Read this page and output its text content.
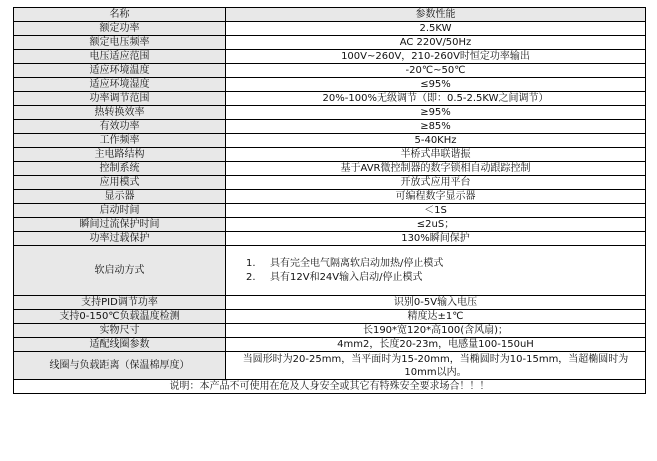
名称	参数性能
额定功率	2.5KW
额定电压频率	AC 220V/50Hz
电压适应范围	100V~260V，210-260V时恒定功率输出
适应环境温度	-20℃~50℃
适应环境湿度	≤95%
功率调节范围	20%-100%无级调节（即：0.5-2.5KW之间调节）
热转换效率	≥95%
有效功率	≥85%
工作频率	5-40KHz
主电路结构	半桥式串联谐振
控制系统	基于AVR微控制器的数字锁相自动跟踪控制
应用模式	开放式应用平台
显示器	可编程数字显示器
启动时间	＜1S
瞬间过流保护时间	≤2uS；
功率过载保护	130%瞬间保护
软启动方式	1. 具有完全电气隔离软启动加热/停止模式
2. 具有12V和24V输入启动/停止模式

支持PID调节功率	识别0-5V输入电压
支持0-150℃负载温度检测	精度达±1℃
实物尺寸	长190*宽120*高100(含风扇)；
适配线圈参数	4mm2，长度20-23m，电感量100-150uH
线圈与负载距离（保温棉厚度）	当圆形时为20-25mm，当平面时为15-20mm，当椭圆时为10-15mm，当超椭圆时为10mm以内。
说明：本产品不可使用在危及人身安全或其它有特殊安全要求场合！！！	
